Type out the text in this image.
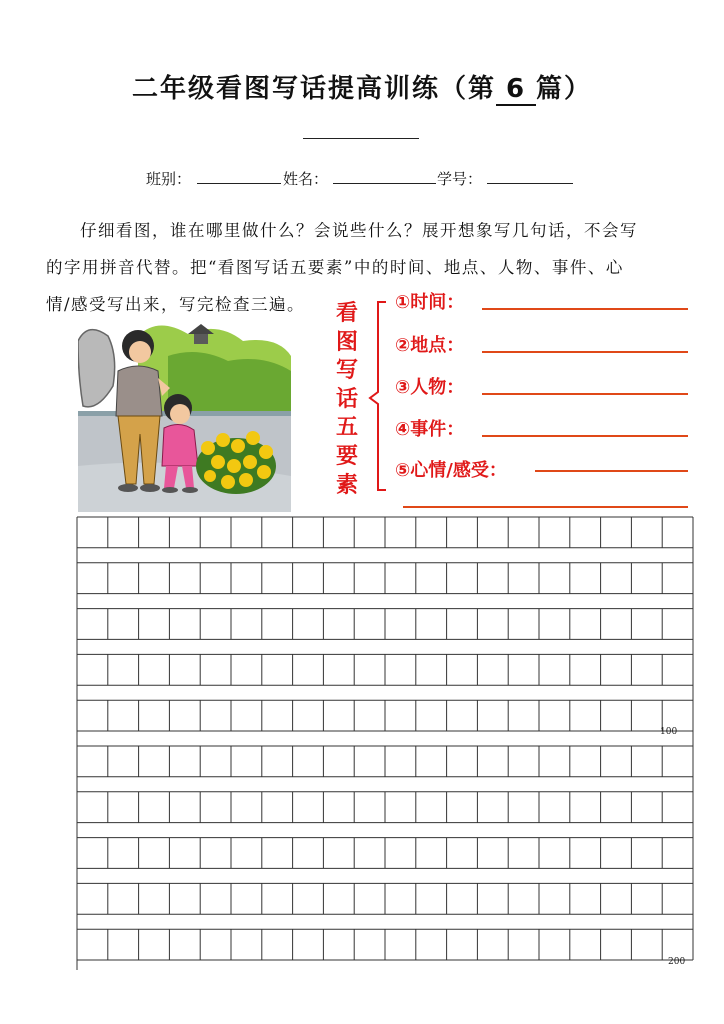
二年级看图写话提高训练（第 6 篇）
班别：	姓名：	学号：
仔细看图，谁在哪里做什么？会说些什么？展开想象写几句话，不会写
的字用拼音代替。把“看图写话五要素”中的时间、地点、人物、事件、心
情/感受写出来，写完检查三遍。	看
图
写
话
五
要
素
①时间：
②地点：
③人物：
④事件：
⑤心情/感受：
100
200
